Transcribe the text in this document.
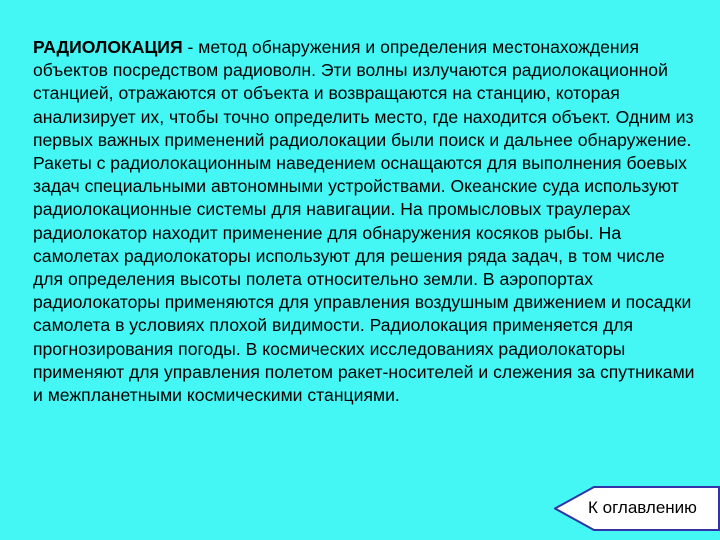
РАДИОЛОКАЦИЯ - метод обнаружения и определения местонахождения объектов посредством радиоволн. Эти волны излучаются радиолокационной станцией, отражаются от объекта и возвращаются на станцию, которая анализирует их, чтобы точно определить место, где находится объект. Одним из первых важных применений радиолокации были поиск и дальнее обнаружение. Ракеты с радиолокационным наведением оснащаются для выполнения боевых задач специальными автономными устройствами. Океанские суда используют радиолокационные системы для навигации. На промысловых траулерах радиолокатор находит применение для обнаружения косяков рыбы. На самолетах радиолокаторы используют для решения ряда задач, в том числе для определения высоты полета относительно земли. В аэропортах радиолокаторы применяются для управления воздушным движением и посадки самолета в условиях плохой видимости. Радиолокация применяется для прогнозирования погоды. В космических исследованиях радиолокаторы применяют для управления полетом ракет-носителей и слежения за спутниками и межпланетными космическими станциями.

К оглавлению
